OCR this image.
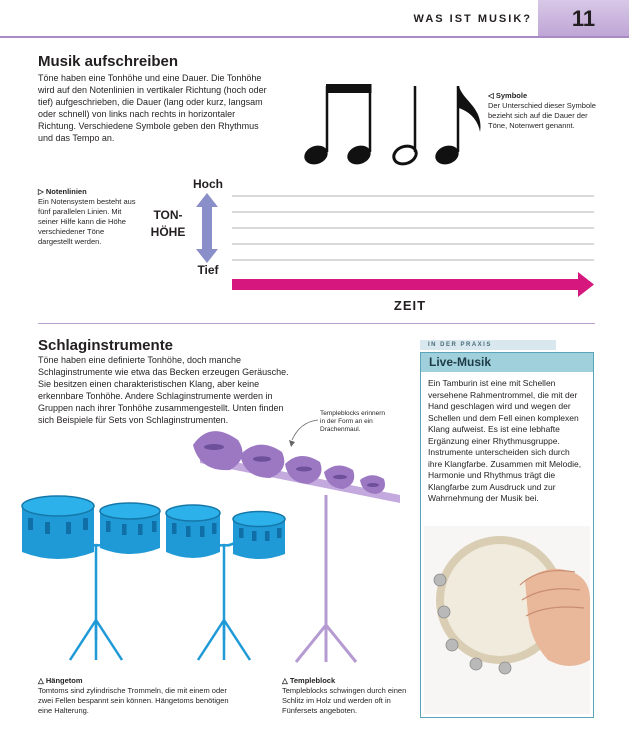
WAS IST MUSIK?	11
Musik aufschreiben
Töne haben eine Tonhöhe und eine Dauer. Die Tonhöhe wird auf den Notenlinien in vertikaler Richtung (hoch oder tief) aufgeschrieben, die Dauer (lang oder kurz, langsam oder schnell) von links nach rechts in horizontaler Richtung. Verschiedene Symbole geben den Rhythmus und das Tempo an.
◁ Symbole
Der Unterschied dieser Symbole bezieht sich auf die Dauer der Töne, Notenwert genannt.
▷ Notenlinien
Ein Notensystem besteht aus fünf parallelen Linien. Mit seiner Hilfe kann die Höhe verschiedener Töne dargestellt werden.
Hoch
Tief
TON-
HÖHE
ZEIT
Schlaginstrumente
Töne haben eine definierte Tonhöhe, doch manche Schlaginstrumente wie etwa das Becken erzeugen Geräusche. Sie besitzen einen charakteristischen Klang, aber keine erkennbare Tonhöhe. Andere Schlaginstrumente werden in Gruppen nach ihrer Tonhöhe zusammengestellt. Unten finden sich Beispiele für Sets von Schlaginstrumenten.
Templeblocks erinnern in der Form an ein Drachenmaul.
△ Hängetom
Tomtoms sind zylindrische Trommeln, die mit einem oder zwei Fellen bespannt sein können. Hängetoms benötigen eine Halterung.
△ Templeblock
Templeblocks schwingen durch einen Schlitz im Holz und werden oft in Fünfersets angeboten.
IN DER PRAXIS
Live-Musik
Ein Tamburin ist eine mit Schellen versehene Rahmentrommel, die mit der Hand geschlagen wird und wegen der Schellen und dem Fell einen komplexen Klang aufweist. Es ist eine lebhafte Ergänzung einer Rhythmusgruppe. Instrumente unterscheiden sich durch ihre Klangfarbe. Zusammen mit Melodie, Harmonie und Rhythmus trägt die Klangfarbe zum Ausdruck und zur Wahrnehmung der Musik bei.
